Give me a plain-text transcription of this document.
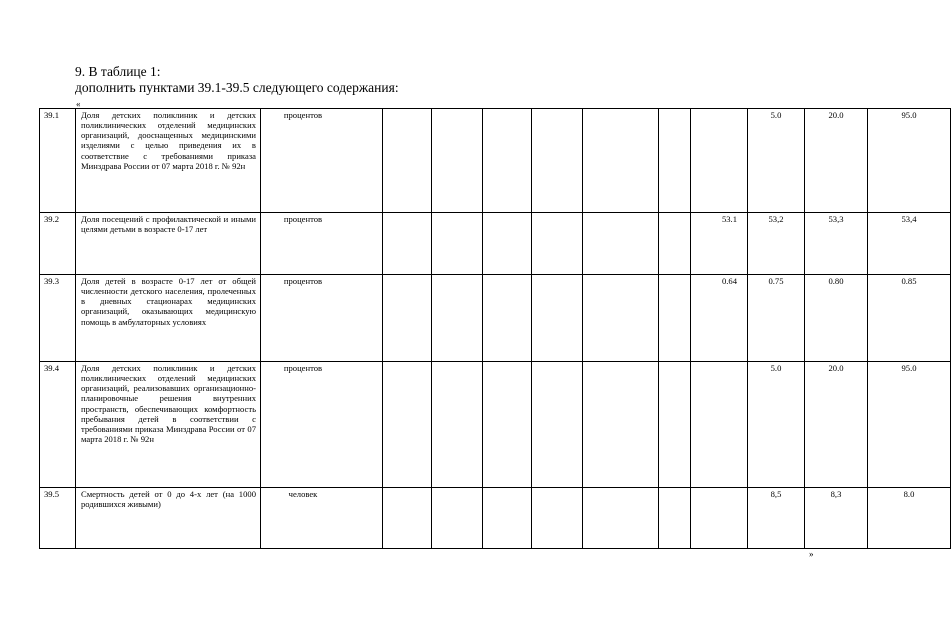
9. В таблице 1:
дополнить пунктами 39.1-39.5 следующего содержания:
«
39.1	Доля детских поликлиник и детских поликлинических отделений медицинских организаций, дооснащенных медицинскими изделиями с целью приведения их в соответствие с требованиями приказа Минздрава России от 07 марта 2018 г. № 92н	процентов								5.0	20.0	95.0
39.2	Доля посещений с профилактической и иными целями детьми в возрасте 0-17 лет	процентов							53.1	53,2	53,3	53,4
39.3	Доля детей в возрасте 0-17 лет от общей численности детского населения, пролеченных в дневных стационарах медицинских организаций, оказывающих медицинскую помощь в амбулаторных условиях	процентов							0.64	0.75	0.80	0.85
39.4	Доля детских поликлиник и детских поликлинических отделений медицинских организаций, реализовавших организационно-планировочные решения внутренних пространств, обеспечивающих комфортность пребывания детей в соответствии с требованиями приказа Минздрава России от 07 марта 2018 г. № 92н	процентов								5.0	20.0	95.0
39.5	Смертность детей от 0 до 4-х лет (на 1000 родившихся живыми)	человек								8,5	8,3	8.0
»
